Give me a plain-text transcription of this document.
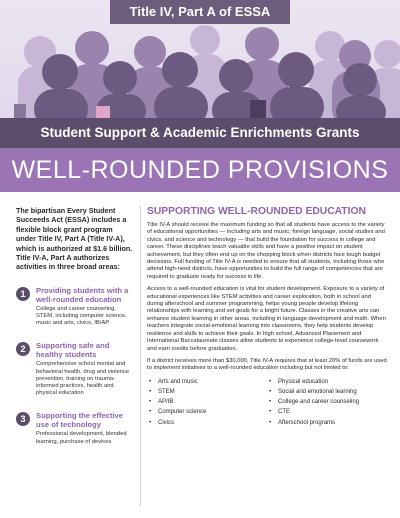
Title IV, Part A of ESSA
Student Support & Academic Enrichments Grants
WELL-ROUNDED PROVISIONS

The bipartisan Every Student Succeeds Act (ESSA) includes a flexible block grant program under Title IV, Part A (Title IV-A), which is authorized at $1.6 billion. Title IV-A, Part A authorizes activities in three broad areas:

1	Providing students with a well-rounded education
College and career counseling, STEM, including computer science, music and arts, civics, IB/AP
2	Supporting safe and healthy students
Comprehensive school mental and behavioral health, drug and violence prevention, training on trauma-informed practices, health and physical education
3	Supporting the effective use of technology
Professional development, blended learning, purchase of devices
SUPPORTING WELL-ROUNDED EDUCATION

Title IV-A should receive the maximum funding so that all students have access to the variety of educational opportunities — including arts and music, foreign language, social studies and civics, and science and technology — that build the foundation for success in college and career. These disciplines teach valuable skills and have a positive impact on student achievement, but they often end up on the chopping block when districts face tough budget decisions. Full funding of Title IV-A is needed to ensure that all students, including those who attend high-need districts, have opportunities to build the full range of competencies that are required to graduate ready for success in life.

Access to a well-rounded education is vital for student development. Exposure to a variety of educational experiences like STEM activities and career exploration, both in school and during afterschool and summer programming, helps young people develop lifelong relationships with learning and set goals for a bright future. Classes in the creative arts can enhance student learning in other areas, including in language development and math. When teachers integrate social-emotional learning into classrooms, they help students develop resilience and skills to achieve their goals. In high school, Advanced Placement and International Baccalaureate classes allow students to experience college-level coursework and earn credits before graduation.

If a district receives more than $30,000, Title IV-A requires that at least 20% of funds are used to implement initiatives to a well-rounded education including but not limited to:

• Arts and music
• STEM
• AP/IB
• Computer science
• Civics
• Physical education
• Social and emotional learning
• College and career counseling
• CTE
• Afterschool programs
